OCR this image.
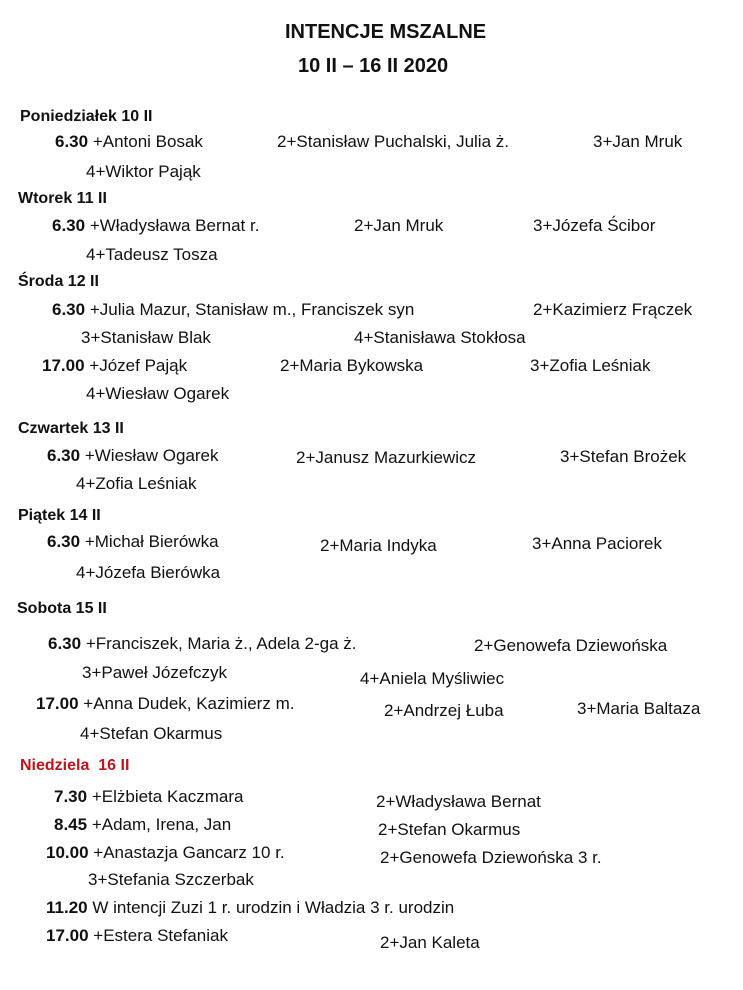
INTENCJE MSZALNE
10 II – 16 II 2020
Poniedziałek 10 II
6.30 +Antoni Bosak	2+Stanisław Puchalski, Julia ż.	3+Jan Mruk
4+Wiktor Pająk
Wtorek 11 II
6.30 +Władysława Bernat r.	2+Jan Mruk	3+Józefa Ścibor
4+Tadeusz Tosza
Środa 12 II
6.30 +Julia Mazur, Stanisław m., Franciszek syn	2+Kazimierz Frączek
3+Stanisław Blak	4+Stanisława Stokłosa
17.00 +Józef Pająk	2+Maria Bykowska	3+Zofia Leśniak
4+Wiesław Ogarek
Czwartek 13 II
6.30 +Wiesław Ogarek	2+Janusz Mazurkiewicz	3+Stefan Brożek
4+Zofia Leśniak
Piątek 14 II
6.30 +Michał Bierówka	2+Maria Indyka	3+Anna Paciorek
4+Józefa Bierówka
Sobota 15 II
6.30 +Franciszek, Maria ż., Adela 2-ga ż.	2+Genowefa Dziewońska
3+Paweł Józefczyk	4+Aniela Myśliwiec
17.00 +Anna Dudek, Kazimierz m.	2+Andrzej Łuba	3+Maria Baltaza
4+Stefan Okarmus
Niedziela 16 II
7.30 +Elżbieta Kaczmara	2+Władysława Bernat
8.45 +Adam, Irena, Jan	2+Stefan Okarmus
10.00 +Anastazja Gancarz 10 r.	2+Genowefa Dziewońska 3 r.
3+Stefania Szczerbak
11.20 W intencji Zuzi 1 r. urodzin i Władzia 3 r. urodzin
17.00 +Estera Stefaniak	2+Jan Kaleta
